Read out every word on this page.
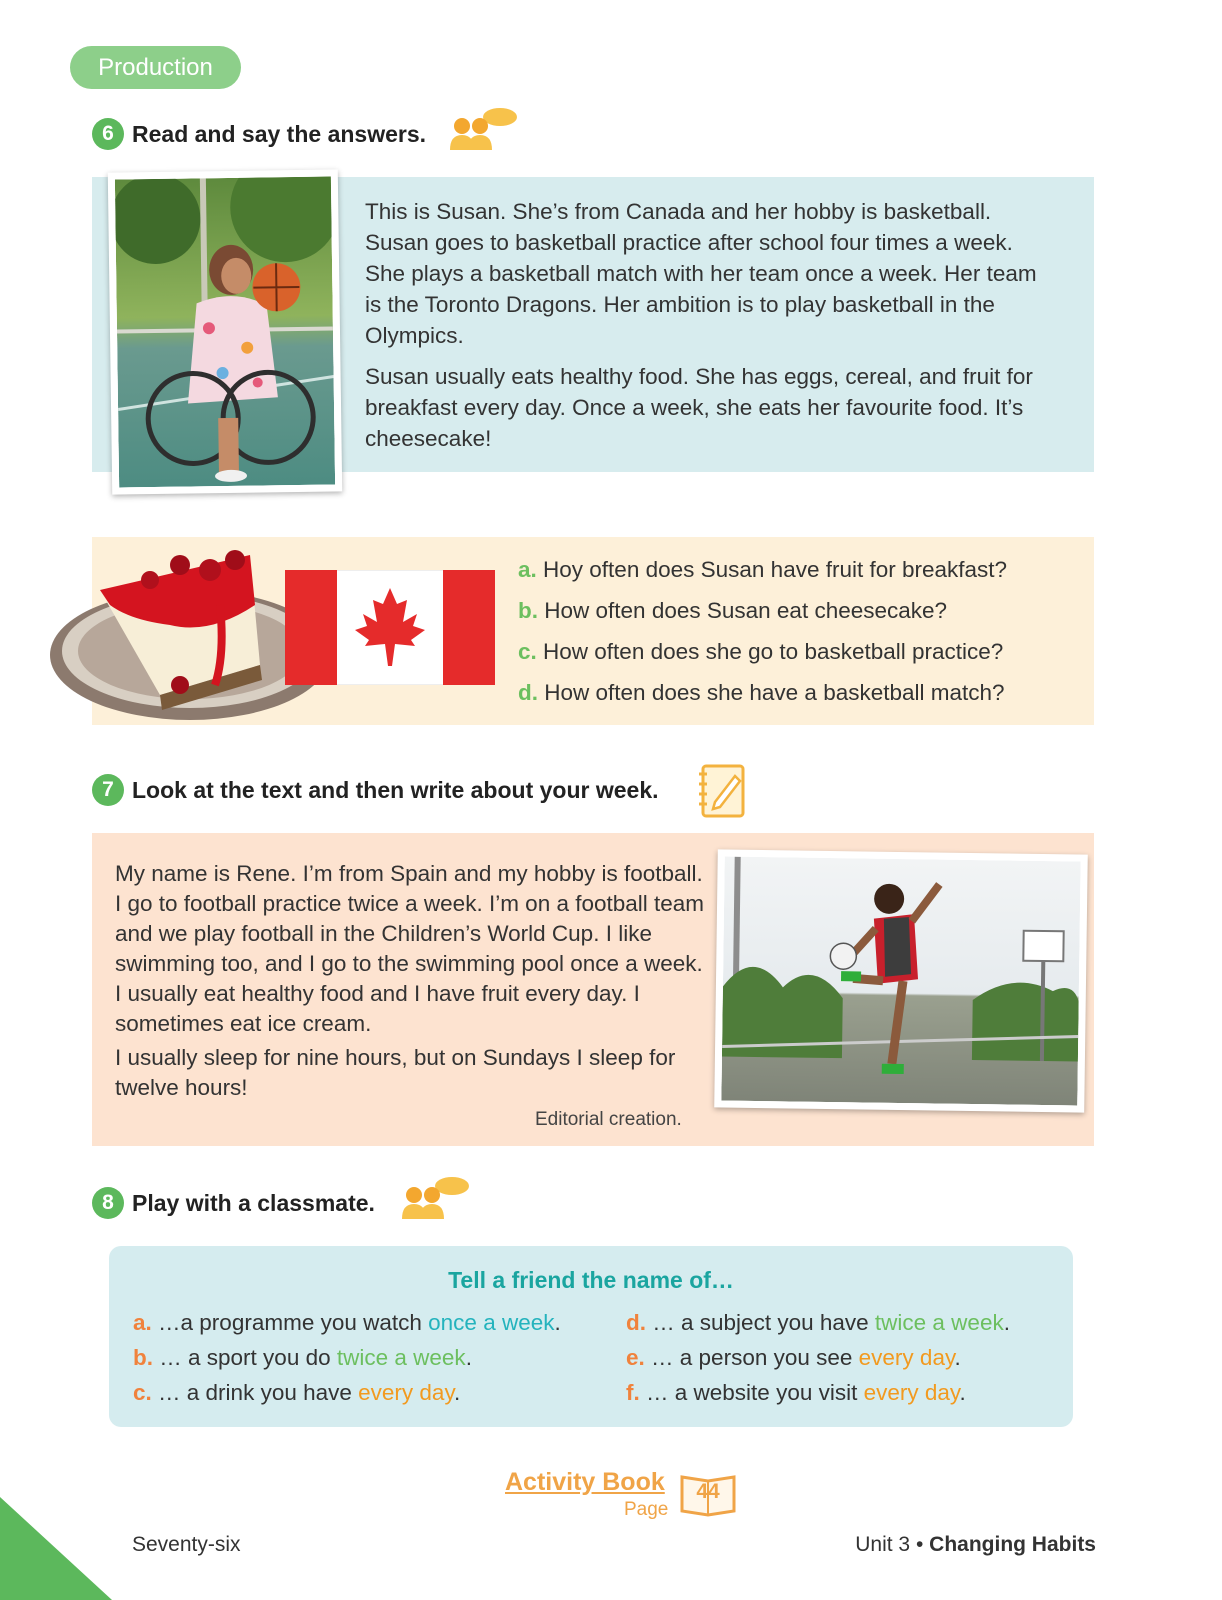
Production
6 Read and say the answers.
This is Susan. She’s from Canada and her hobby is basketball. Susan goes to basketball practice after school four times a week. She plays a basketball match with her team once a week. Her team is the Toronto Dragons. Her ambition is to play basketball in the Olympics.
Susan usually eats healthy food. She has eggs, cereal, and fruit for breakfast every day. Once a week, she eats her favourite food. It’s cheesecake!
a. Hoy often does Susan have fruit for breakfast?
b. How often does Susan eat cheesecake?
c. How often does she go to basketball practice?
d. How often does she have a basketball match?
7 Look at the text and then write about your week.
My name is Rene. I’m from Spain and my hobby is football. I go to football practice twice a week. I’m on a football team and we play football in the Children’s World Cup. I like swimming too, and I go to the swimming pool once a week. I usually eat healthy food and I have fruit every day. I sometimes eat ice cream.
I usually sleep for nine hours, but on Sundays I sleep for twelve hours!
Editorial creation.
8 Play with a classmate.
Tell a friend the name of…
a. …a programme you watch once a week.
b. … a sport you do twice a week.
c. … a drink you have every day.
d. … a subject you have twice a week.
e. … a person you see every day.
f. … a website you visit every day.
Activity Book
Page
44
76 Seventy-six	Unit 3 • Changing Habits
